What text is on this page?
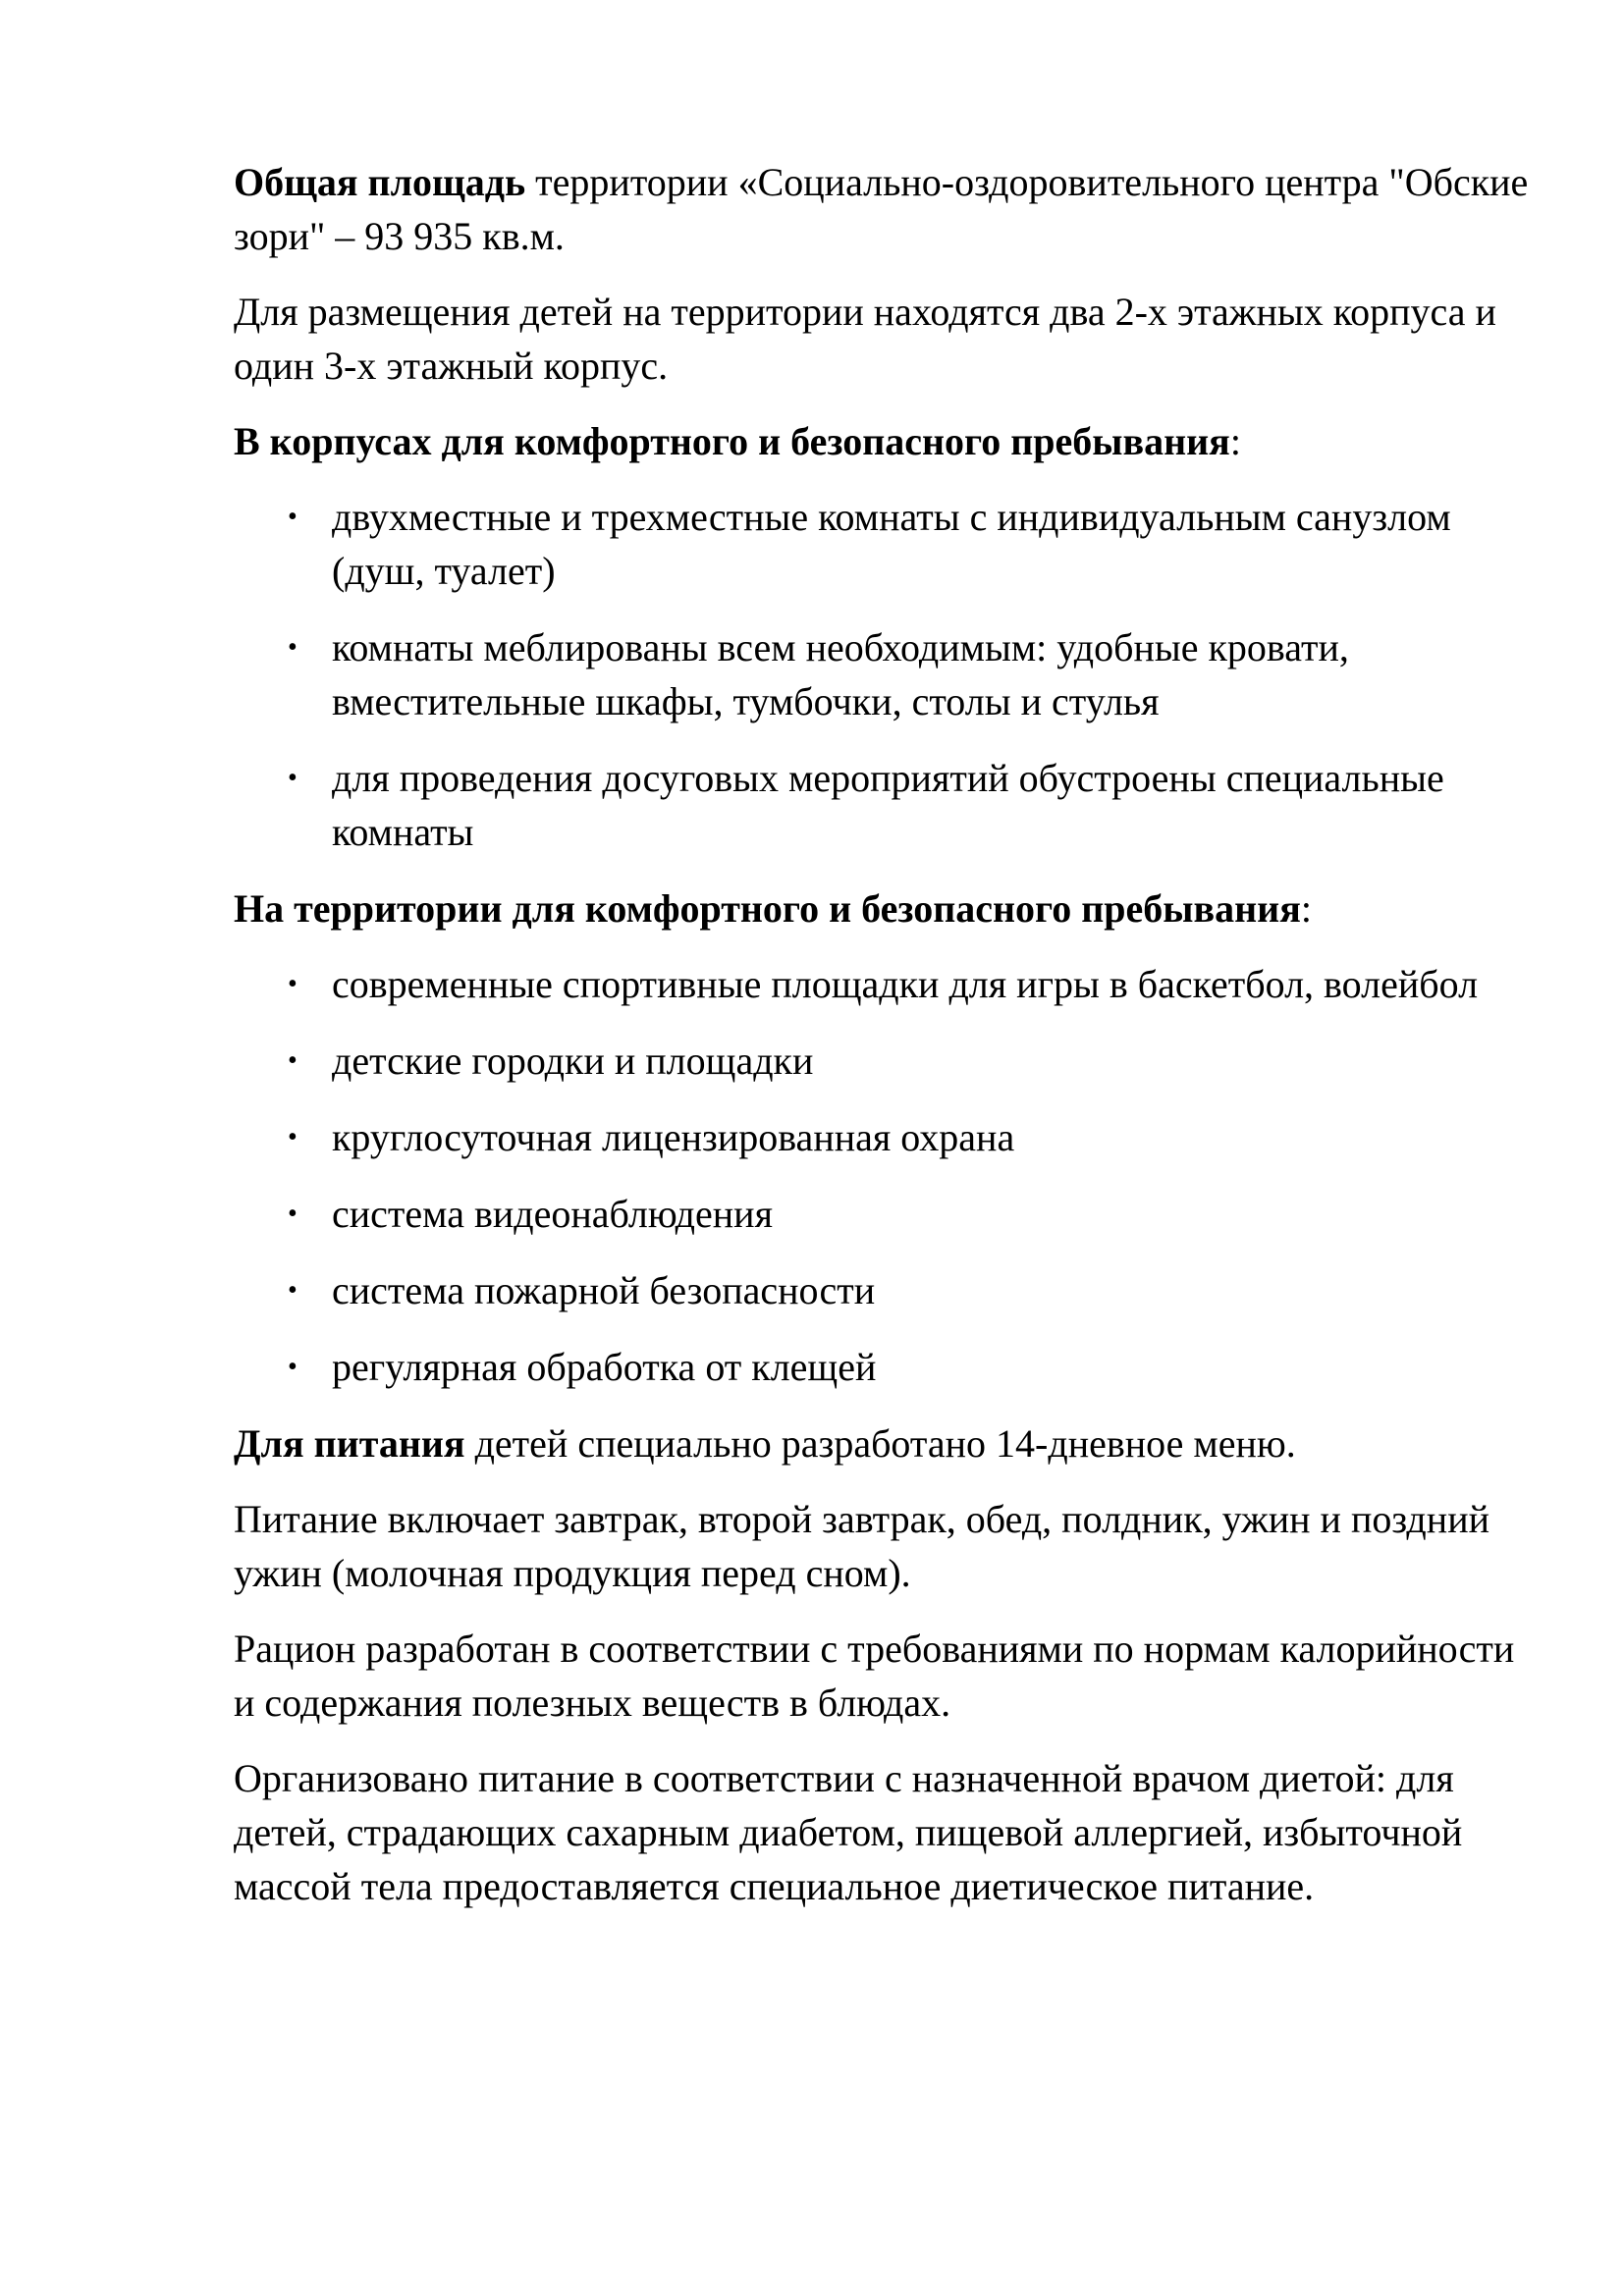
Общая площадь территории «Социально-оздоровительного центра "Обские зори" – 93 935 кв.м.

Для размещения детей на территории находятся два 2-х этажных корпуса и один 3-х этажный корпус.

В корпусах для комфортного и безопасного пребывания:

• двухместные и трехместные комнаты с индивидуальным санузлом (душ, туалет)
• комнаты меблированы всем необходимым: удобные кровати, вместительные шкафы, тумбочки, столы и стулья
• для проведения досуговых мероприятий обустроены специальные комнаты

На территории для комфортного и безопасного пребывания:

• современные спортивные площадки для игры в баскетбол, волейбол
• детские городки и площадки
• круглосуточная лицензированная охрана
• система видеонаблюдения
• система пожарной безопасности
• регулярная обработка от клещей

Для питания детей специально разработано 14-дневное меню.

Питание включает завтрак, второй завтрак, обед, полдник, ужин и поздний ужин (молочная продукция перед сном).

Рацион разработан в соответствии с требованиями по нормам калорийности и содержания полезных веществ в блюдах.

Организовано питание в соответствии с назначенной врачом диетой: для детей, страдающих сахарным диабетом, пищевой аллергией, избыточной массой тела предоставляется специальное диетическое питание.
